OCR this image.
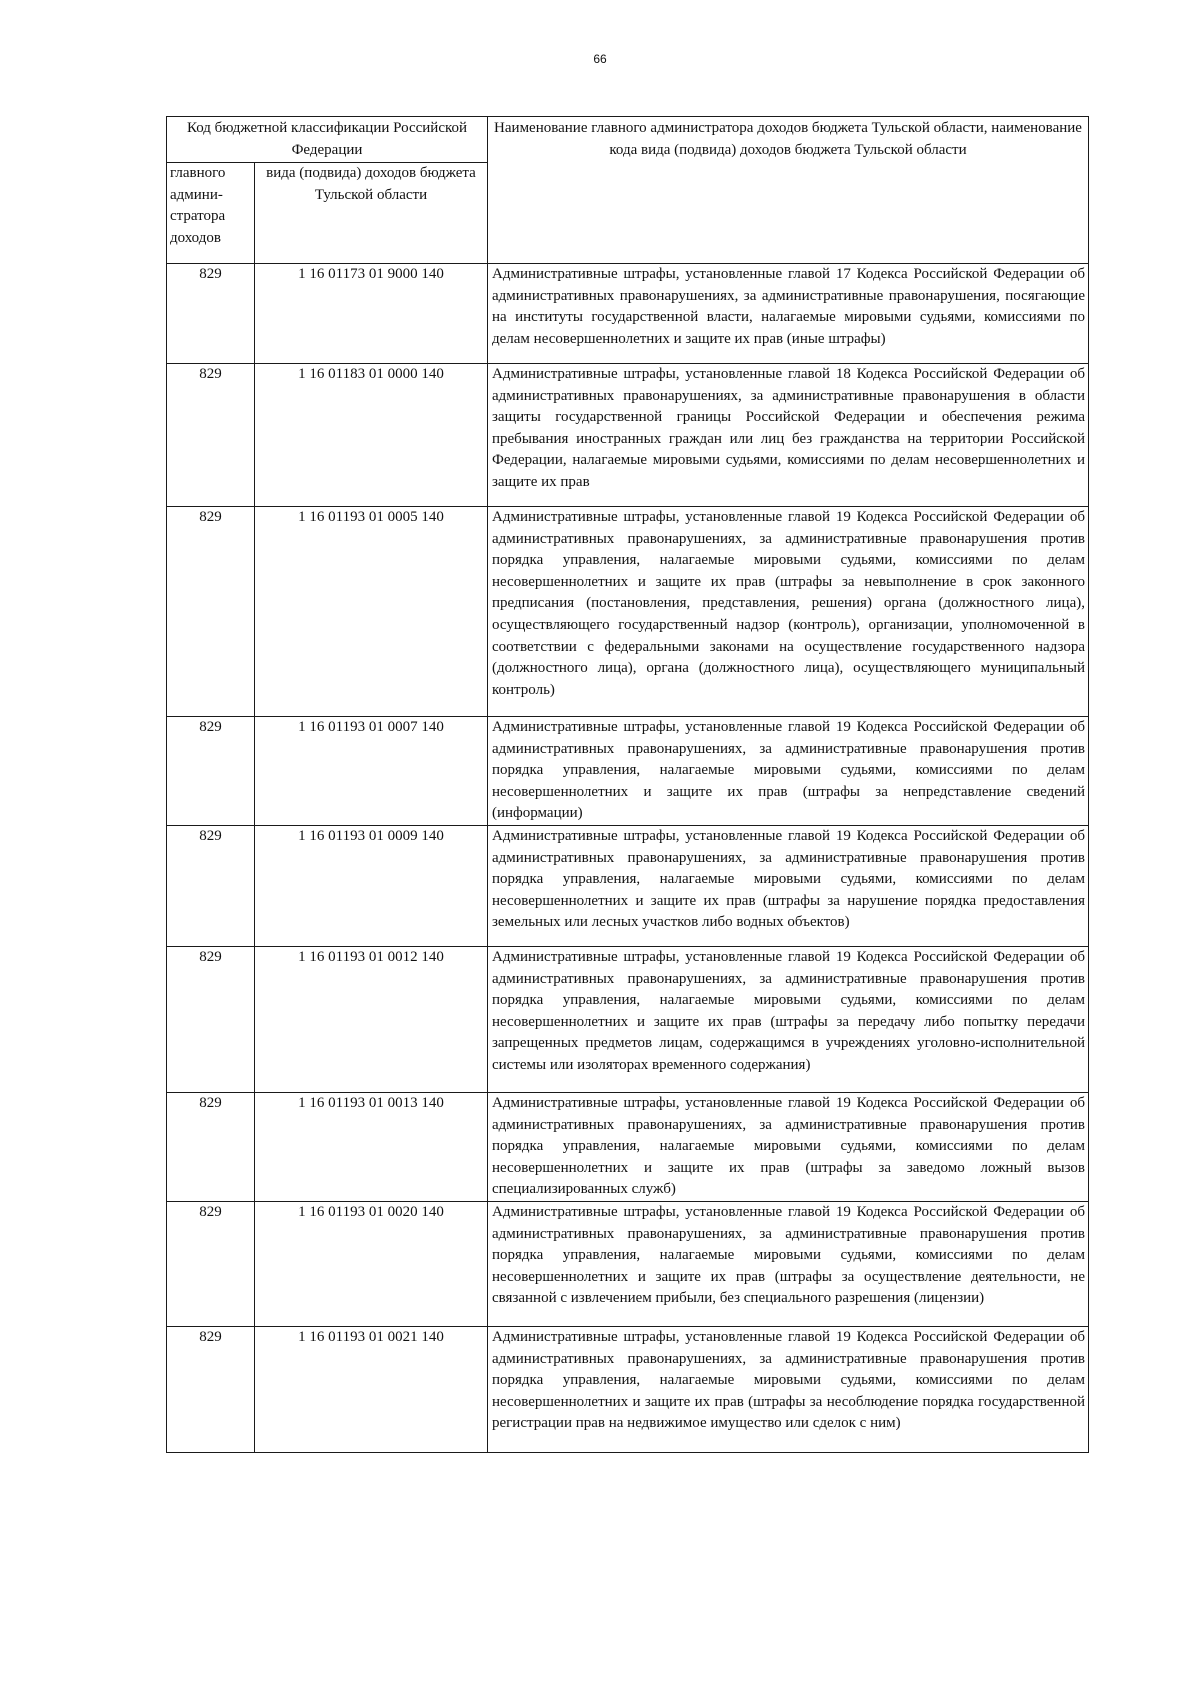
66
Код бюджетной классификации Российской Федерации		Наименование главного администратора доходов бюджета Тульской области, наименование кода вида (подвида) доходов бюджета Тульской области
главного админи-стратора доходов	вида (подвида) доходов бюджета Тульской области	
829	1 16 01173 01 9000 140	Административные штрафы, установленные главой 17 Кодекса Российской Федерации об административных правонарушениях, за административные правонарушения, посягающие на институты государственной власти, налагаемые мировыми судьями, комиссиями по делам несовершеннолетних и защите их прав (иные штрафы)
829	1 16 01183 01 0000 140	Административные штрафы, установленные главой 18 Кодекса Российской Федерации об административных правонарушениях, за административные правонарушения в области защиты государственной границы Российской Федерации и обеспечения режима пребывания иностранных граждан или лиц без гражданства на территории Российской Федерации, налагаемые мировыми судьями, комиссиями по делам несовершеннолетних и защите их прав
829	1 16 01193 01 0005 140	Административные штрафы, установленные главой 19 Кодекса Российской Федерации об административных правонарушениях, за административные правонарушения против порядка управления, налагаемые мировыми судьями, комиссиями по делам несовершеннолетних и защите их прав (штрафы за невыполнение в срок законного предписания (постановления, представления, решения) органа (должностного лица), осуществляющего государственный надзор (контроль), организации, уполномоченной в соответствии с федеральными законами на осуществление государственного надзора (должностного лица), органа (должностного лица), осуществляющего муниципальный контроль)
829	1 16 01193 01 0007 140	Административные штрафы, установленные главой 19 Кодекса Российской Федерации об административных правонарушениях, за административные правонарушения против порядка управления, налагаемые мировыми судьями, комиссиями по делам несовершеннолетних и защите их прав (штрафы за непредставление сведений (информации)
829	1 16 01193 01 0009 140	Административные штрафы, установленные главой 19 Кодекса Российской Федерации об административных правонарушениях, за административные правонарушения против порядка управления, налагаемые мировыми судьями, комиссиями по делам несовершеннолетних и защите их прав (штрафы за нарушение порядка предоставления земельных или лесных участков либо водных объектов)
829	1 16 01193 01 0012 140	Административные штрафы, установленные главой 19 Кодекса Российской Федерации об административных правонарушениях, за административные правонарушения против порядка управления, налагаемые мировыми судьями, комиссиями по делам несовершеннолетних и защите их прав (штрафы за передачу либо попытку передачи запрещенных предметов лицам, содержащимся в учреждениях уголовно-исполнительной системы или изоляторах временного содержания)
829	1 16 01193 01 0013 140	Административные штрафы, установленные главой 19 Кодекса Российской Федерации об административных правонарушениях, за административные правонарушения против порядка управления, налагаемые мировыми судьями, комиссиями по делам несовершеннолетних и защите их прав (штрафы за заведомо ложный вызов специализированных служб)
829	1 16 01193 01 0020 140	Административные штрафы, установленные главой 19 Кодекса Российской Федерации об административных правонарушениях, за административные правонарушения против порядка управления, налагаемые мировыми судьями, комиссиями по делам несовершеннолетних и защите их прав (штрафы за осуществление деятельности, не связанной с извлечением прибыли, без специального разрешения (лицензии)
829	1 16 01193 01 0021 140	Административные штрафы, установленные главой 19 Кодекса Российской Федерации об административных правонарушениях, за административные правонарушения против порядка управления, налагаемые мировыми судьями, комиссиями по делам несовершеннолетних и защите их прав (штрафы за несоблюдение порядка государственной регистрации прав на недвижимое имущество или сделок с ним)
